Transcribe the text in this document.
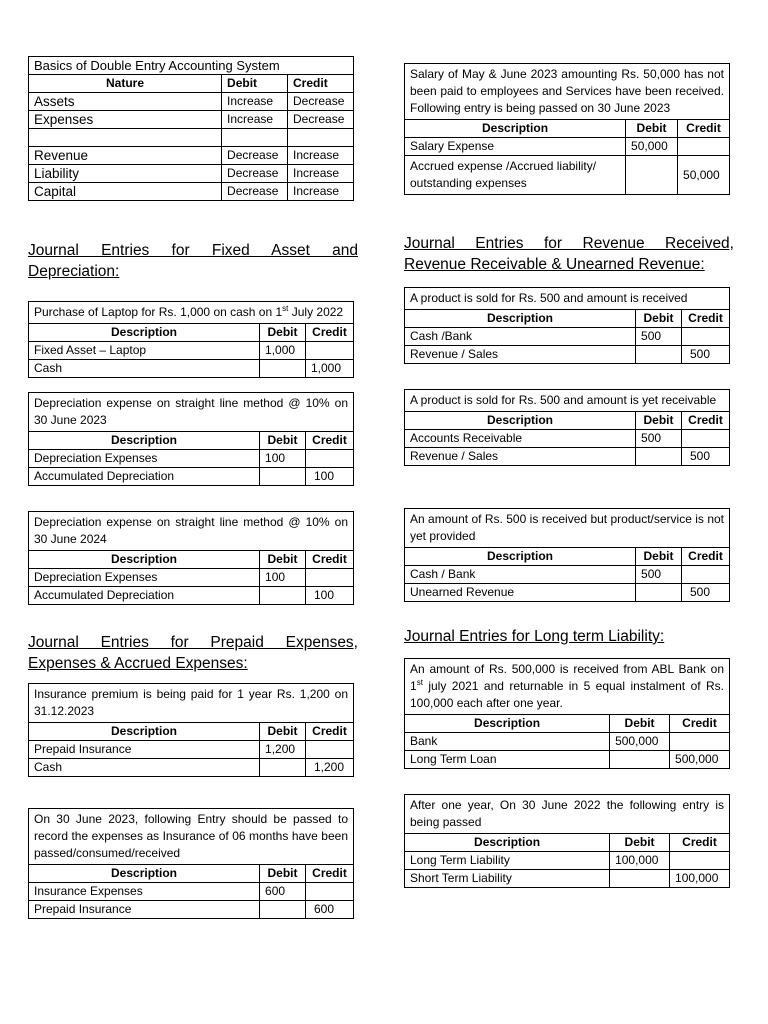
Basics of Double Entry Accounting System		
Nature	Debit	Credit
Assets	Increase	Decrease
Expenses	Increase	Decrease

Revenue	Decrease	Increase
Liability	Decrease	Increase
Capital	Decrease	Increase
Journal Entries for Fixed Asset and Depreciation:
Purchase of Laptop for Rs. 1,000 on cash on 1st July 2022		
Description	Debit	Credit
Fixed Asset – Laptop	1,000	
Cash		1,000
Depreciation expense on straight line method @ 10% on 30 June 2023		
Description	Debit	Credit
Depreciation Expenses	100	
Accumulated Depreciation		100
Depreciation expense on straight line method @ 10% on 30 June 2024		
Description	Debit	Credit
Depreciation Expenses	100	
Accumulated Depreciation		100
Journal Entries for Prepaid Expenses, Expenses & Accrued Expenses:
Insurance premium is being paid for 1 year Rs. 1,200 on 31.12.2023		
Description	Debit	Credit
Prepaid Insurance	1,200	
Cash		1,200
On 30 June 2023, following Entry should be passed to record the expenses as Insurance of 06 months have been passed/consumed/received		
Description	Debit	Credit
Insurance Expenses	600	
Prepaid Insurance		600
Salary of May & June 2023 amounting Rs. 50,000 has not been paid to employees and Services have been received. Following entry is being passed on 30 June 2023		
Description	Debit	Credit
Salary Expense	50,000	
Accrued expense /Accrued liability/ outstanding expenses		50,000
Journal Entries for Revenue Received, Revenue Receivable & Unearned Revenue:
A product is sold for Rs. 500 and amount is received		
Description	Debit	Credit
Cash /Bank	500	
Revenue / Sales		500
A product is sold for Rs. 500 and amount is yet receivable		
Description	Debit	Credit
Accounts Receivable	500	
Revenue / Sales		500
An amount of Rs. 500 is received but product/service is not yet provided		
Description	Debit	Credit
Cash / Bank	500	
Unearned Revenue		500
Journal Entries for Long term Liability:
An amount of Rs. 500,000 is received from ABL Bank on 1st july 2021 and returnable in 5 equal instalment of Rs. 100,000 each after one year.		
Description	Debit	Credit
Bank	500,000	
Long Term Loan		500,000
After one year, On 30 June 2022 the following entry is being passed		
Description	Debit	Credit
Long Term Liability	100,000	
Short Term Liability		100,000
